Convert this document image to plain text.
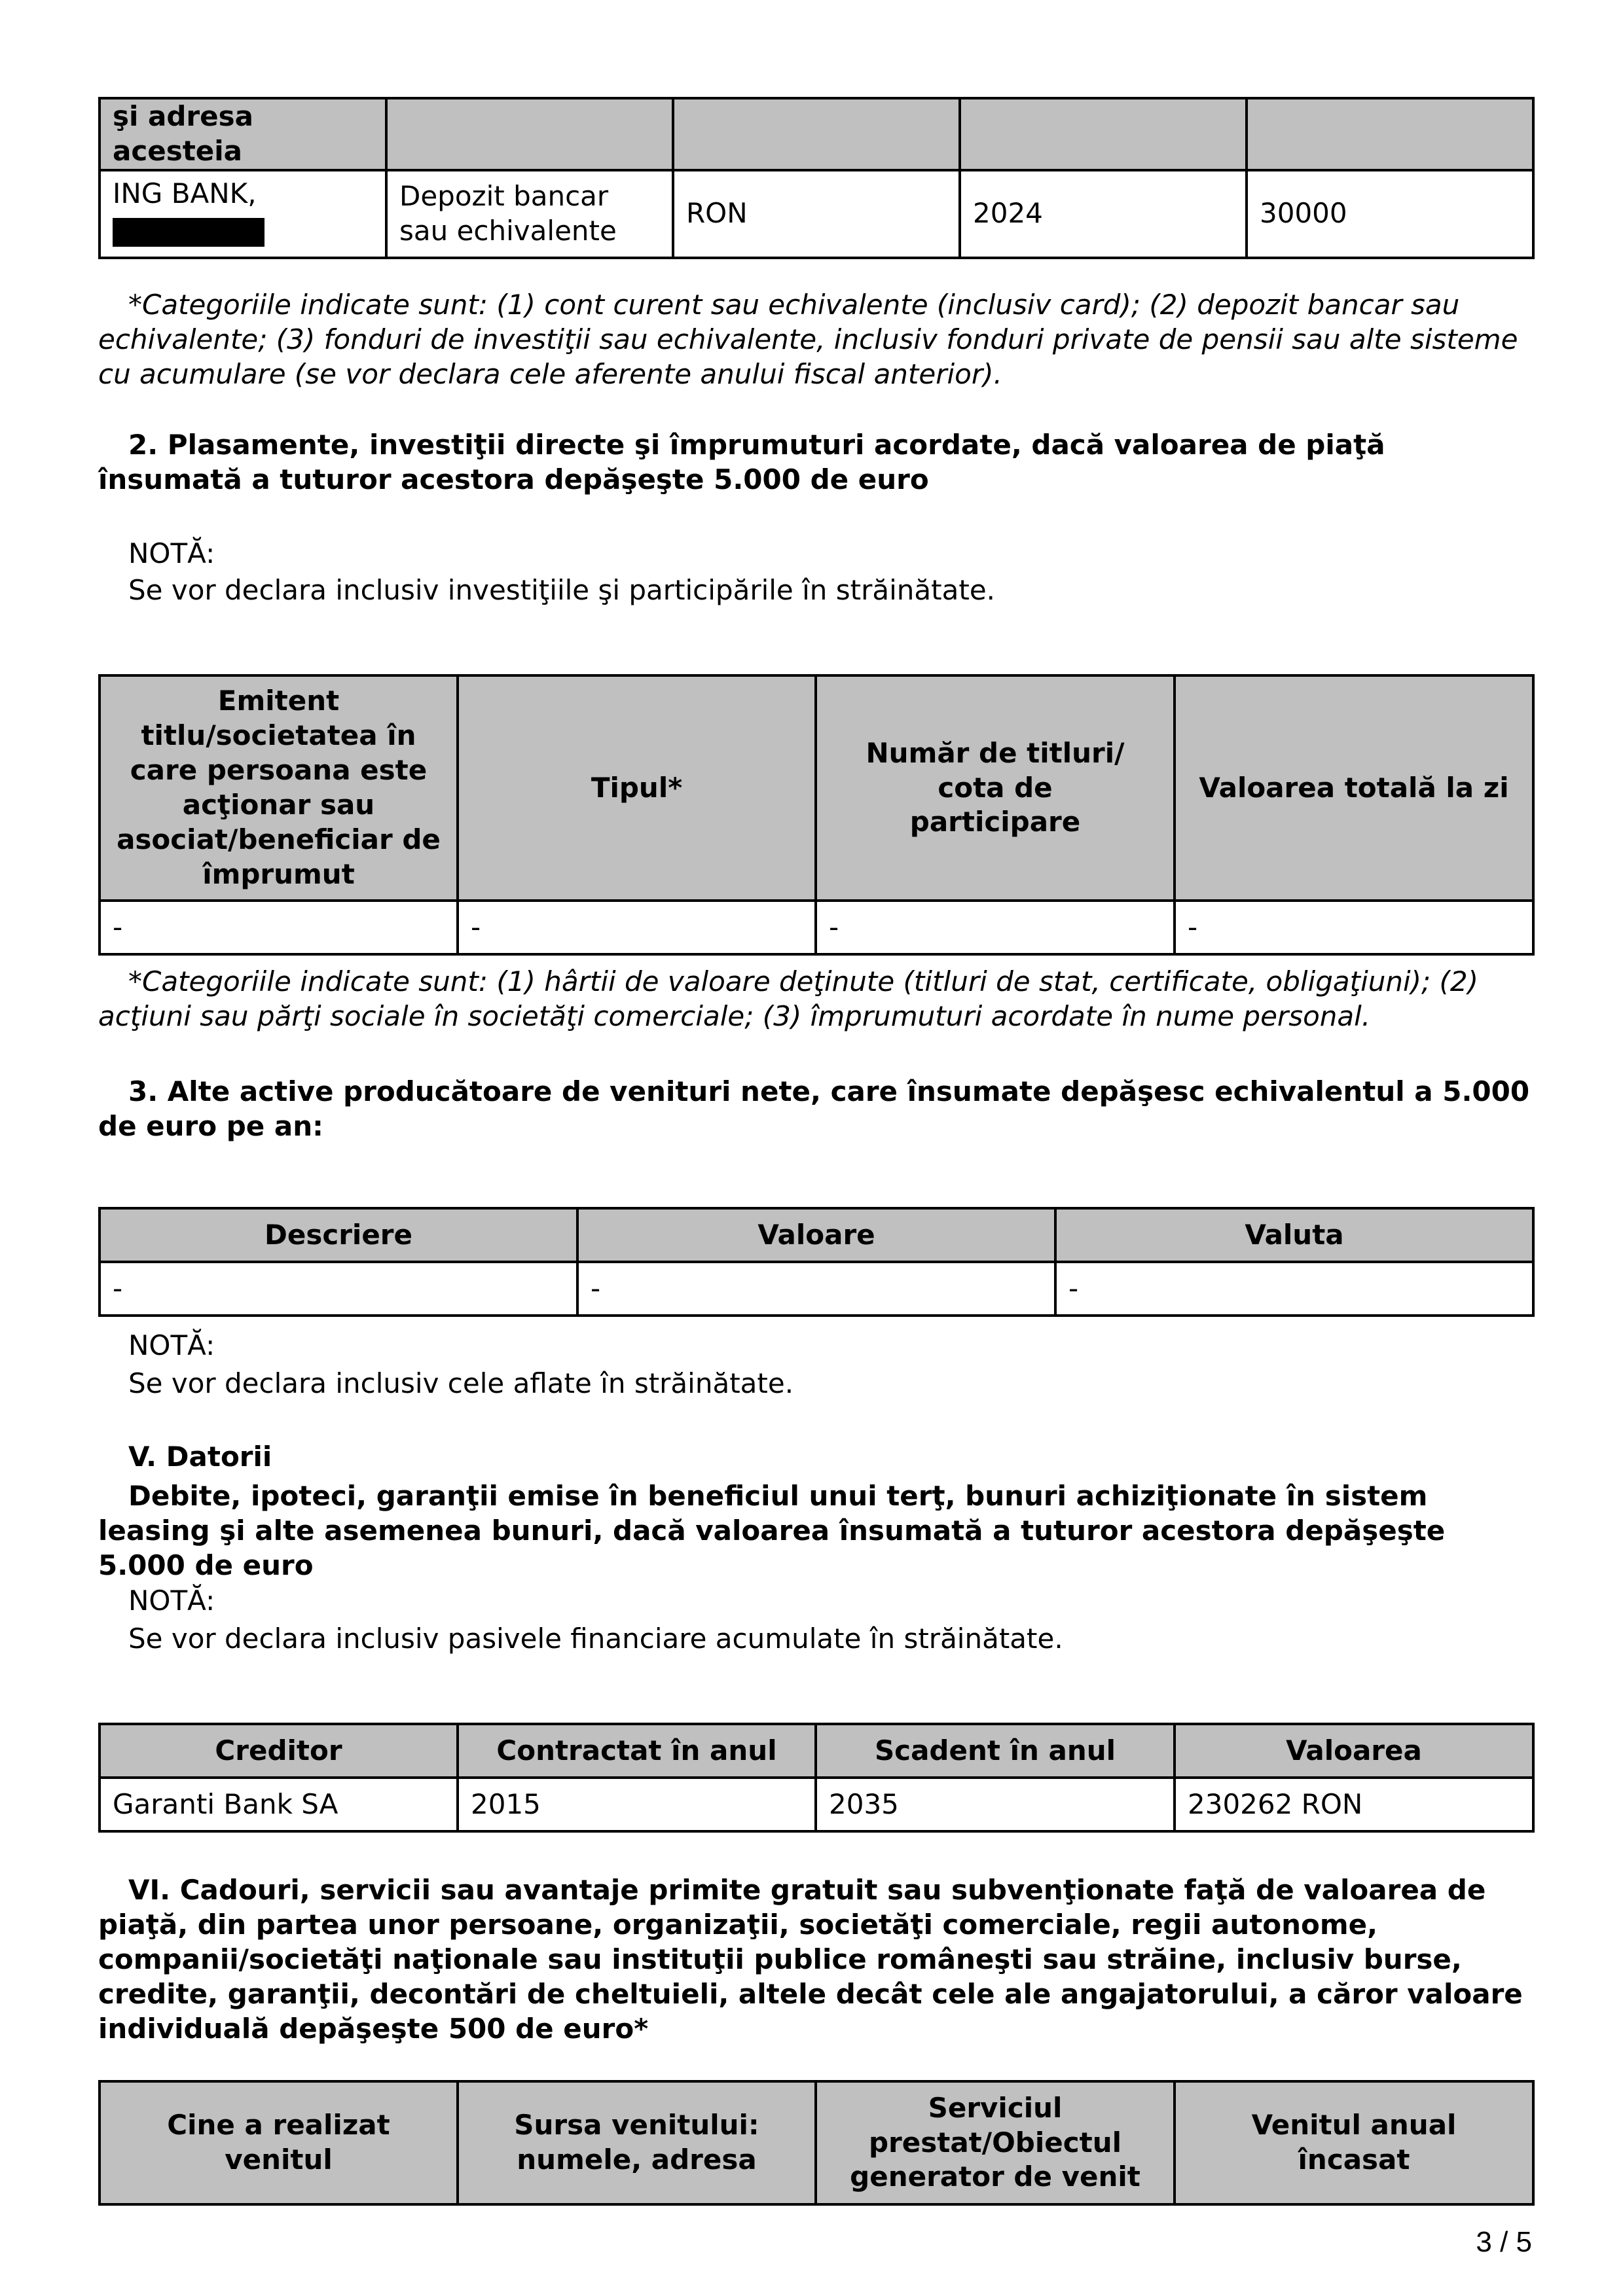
şi adresa acesteia				
ING BANK,	Depozit bancar sau echivalente	RON	2024	30000
*Categoriile indicate sunt: (1) cont curent sau echivalente (inclusiv card); (2) depozit bancar sau echivalente; (3) fonduri de investiţii sau echivalente, inclusiv fonduri private de pensii sau alte sisteme cu acumulare (se vor declara cele aferente anului fiscal anterior).
2. Plasamente, investiţii directe şi împrumuturi acordate, dacă valoarea de piaţă însumată a tuturor acestora depăşeşte 5.000 de euro
NOTĂ:
Se vor declara inclusiv investiţiile şi participările în străinătate.
Emitent titlu/societatea în care persoana este acţionar sau asociat/beneficiar de împrumut	Tipul*	Număr de titluri/ cota de participare	Valoarea totală la zi
-	-	-	-
*Categoriile indicate sunt: (1) hârtii de valoare deţinute (titluri de stat, certificate, obligaţiuni); (2) acţiuni sau părţi sociale în societăţi comerciale; (3) împrumuturi acordate în nume personal.
3. Alte active producătoare de venituri nete, care însumate depăşesc echivalentul a 5.000 de euro pe an:
Descriere	Valoare	Valuta
-	-	-
NOTĂ:
Se vor declara inclusiv cele aflate în străinătate.
V. Datorii
Debite, ipoteci, garanţii emise în beneficiul unui terţ, bunuri achiziţionate în sistem leasing şi alte asemenea bunuri, dacă valoarea însumată a tuturor acestora depăşeşte 5.000 de euro
NOTĂ:
Se vor declara inclusiv pasivele financiare acumulate în străinătate.
Creditor	Contractat în anul	Scadent în anul	Valoarea
Garanti Bank SA	2015	2035	230262 RON
VI. Cadouri, servicii sau avantaje primite gratuit sau subvenţionate faţă de valoarea de piaţă, din partea unor persoane, organizaţii, societăţi comerciale, regii autonome, companii/societăţi naţionale sau instituţii publice româneşti sau străine, inclusiv burse, credite, garanţii, decontări de cheltuieli, altele decât cele ale angajatorului, a căror valoare individuală depăşeşte 500 de euro*
Cine a realizat venitul	Sursa venitului: numele, adresa	Serviciul prestat/Obiectul generator de venit	Venitul anual încasat
3 / 5
